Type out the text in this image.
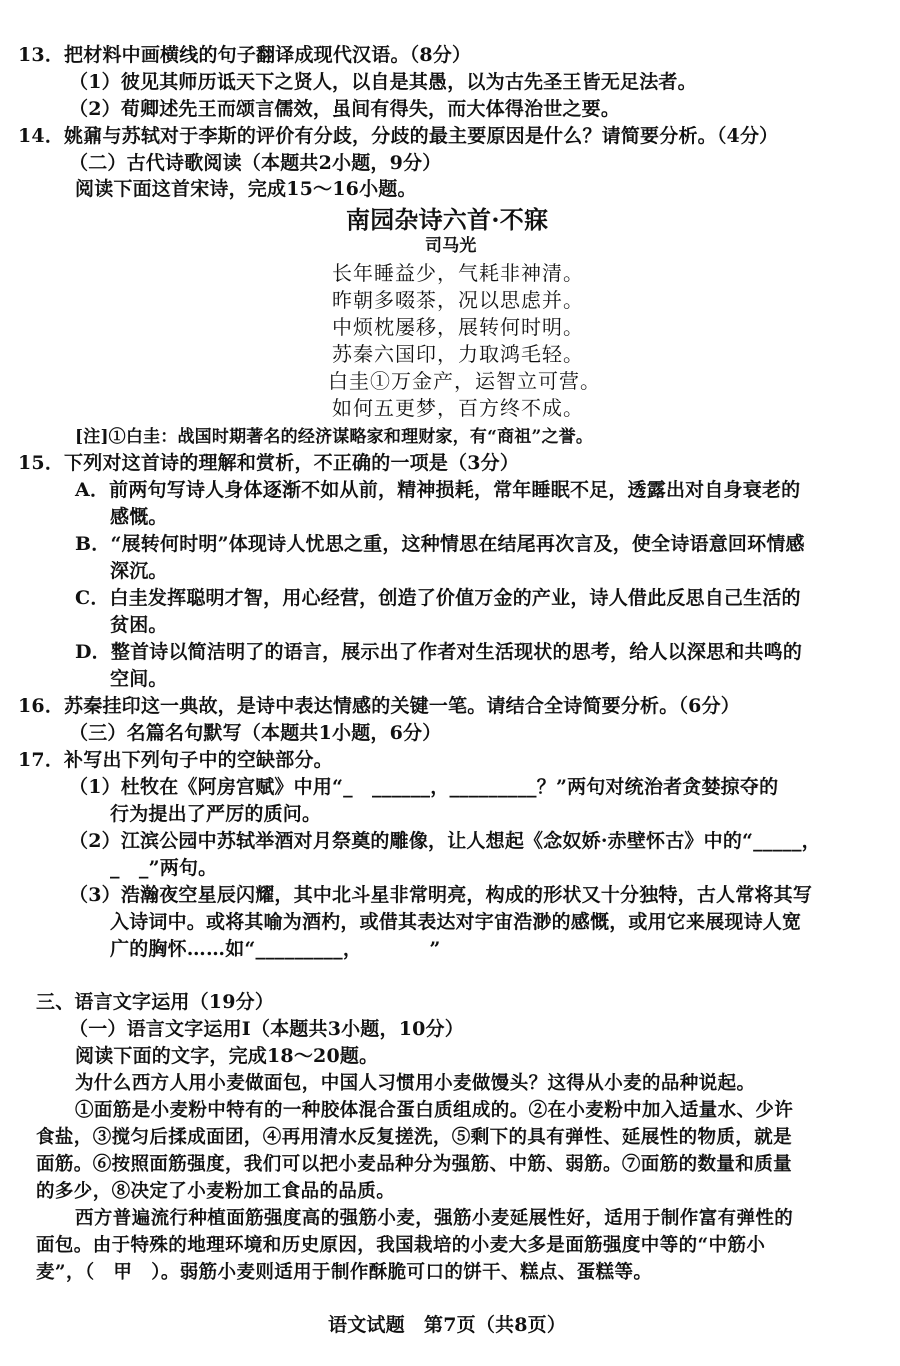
13．把材料中画横线的句子翻译成现代汉语。（8分）
（1）彼见其师历诋天下之贤人，以自是其愚，以为古先圣王皆无足法者。
（2）荀卿述先王而颂言儒效，虽间有得失，而大体得治世之要。
14．姚鼐与苏轼对于李斯的评价有分歧，分歧的最主要原因是什么？请简要分析。（4分）
（二）古代诗歌阅读（本题共2小题，9分）
阅读下面这首宋诗，完成15～16小题。
南园杂诗六首·不寐
司马光
长年睡益少，气耗非神清。
昨朝多啜茶，况以思虑并。
中烦枕屡移，展转何时明。
苏秦六国印，力取鸿毛轻。
白圭①万金产，运智立可营。
如何五更梦，百方终不成。
[注]①白圭：战国时期著名的经济谋略家和理财家，有“商祖”之誉。
15．下列对这首诗的理解和赏析，不正确的一项是（3分）
A．前两句写诗人身体逐渐不如从前，精神损耗，常年睡眠不足，透露出对自身衰老的
感慨。
B．“展转何时明”体现诗人忧思之重，这种情思在结尾再次言及，使全诗语意回环情感
深沉。
C．白圭发挥聪明才智，用心经营，创造了价值万金的产业，诗人借此反思自己生活的
贫困。
D．整首诗以简洁明了的语言，展示出了作者对生活现状的思考，给人以深思和共鸣的
空间。
16．苏秦挂印这一典故，是诗中表达情感的关键一笔。请结合全诗简要分析。（6分）
（三）名篇名句默写（本题共1小题，6分）
17．补写出下列句子中的空缺部分。
（1）杜牧在《阿房宫赋》中用“_　______，_________？”两句对统治者贪婪掠夺的
行为提出了严厉的质问。
（2）江滨公园中苏轼举酒对月祭奠的雕像，让人想起《念奴娇·赤壁怀古》中的“_____，
_　_”两句。
（3）浩瀚夜空星辰闪耀，其中北斗星非常明亮，构成的形状又十分独特，古人常将其写
入诗词中。或将其喻为酒杓，或借其表达对宇宙浩渺的感慨，或用它来展现诗人宽
广的胸怀……如“_________，　　　　”
三、语言文字运用（19分）
（一）语言文字运用Ⅰ（本题共3小题，10分）
阅读下面的文字，完成18～20题。
为什么西方人用小麦做面包，中国人习惯用小麦做馒头？这得从小麦的品种说起。
①面筋是小麦粉中特有的一种胶体混合蛋白质组成的。②在小麦粉中加入适量水、少许
食盐，③搅匀后揉成面团，④再用清水反复搓洗，⑤剩下的具有弹性、延展性的物质，就是
面筋。⑥按照面筋强度，我们可以把小麦品种分为强筋、中筋、弱筋。⑦面筋的数量和质量
的多少，⑧决定了小麦粉加工食品的品质。
西方普遍流行种植面筋强度高的强筋小麦，强筋小麦延展性好，适用于制作富有弹性的
面包。由于特殊的地理环境和历史原因，我国栽培的小麦大多是面筋强度中等的“中筋小
麦”，（　甲　）。弱筋小麦则适用于制作酥脆可口的饼干、糕点、蛋糕等。
语文试题　第7页（共8页）
